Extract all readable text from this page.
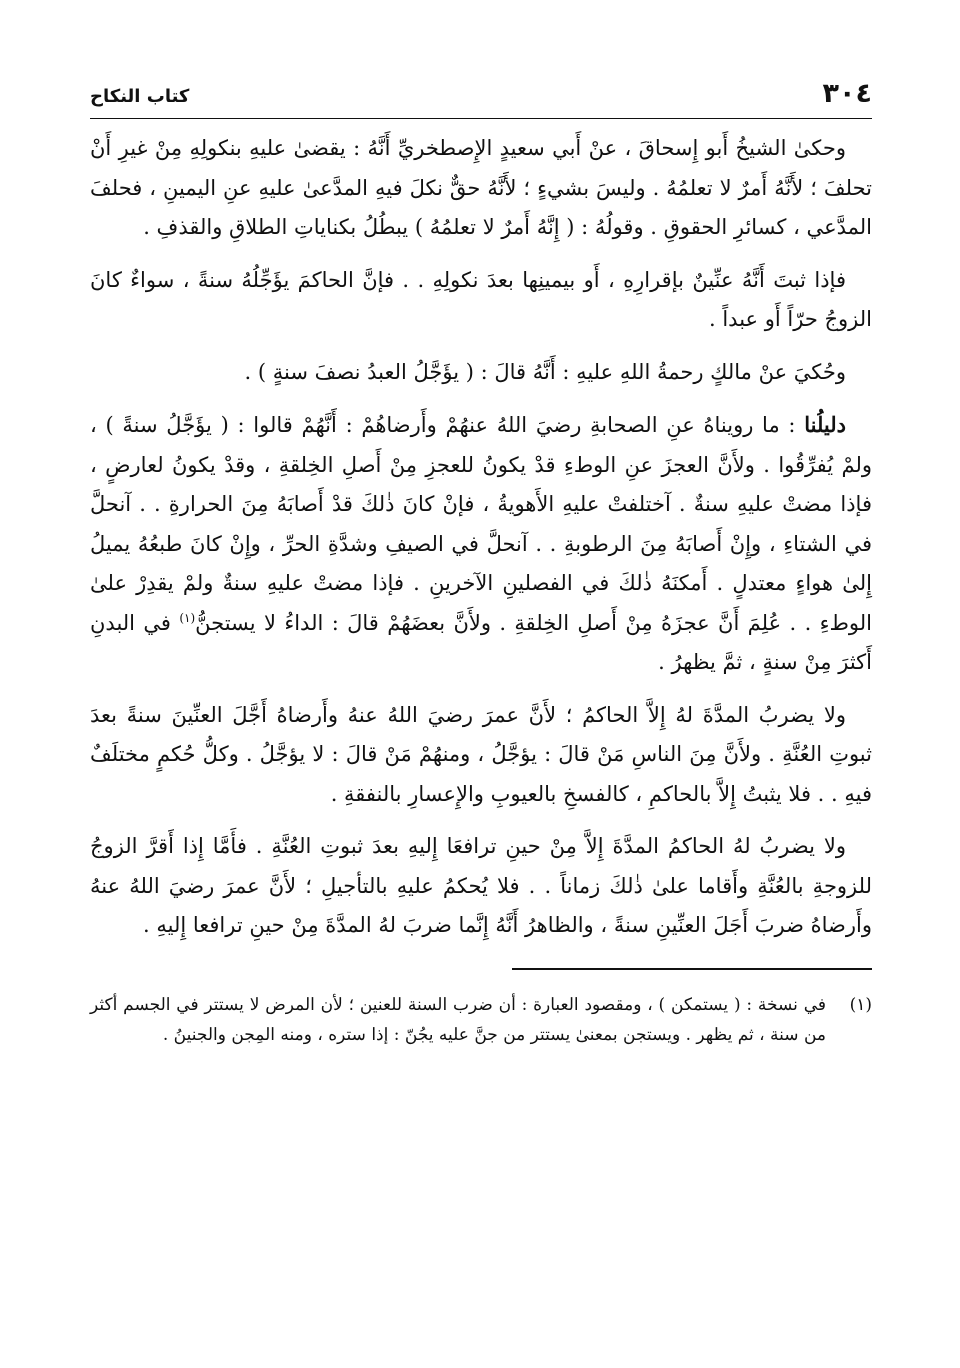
٣٠٤
كتاب النكاح

وحكىٰ الشيخُ أَبو إِسحاقَ ، عنْ أَبي سعيدٍ الإِصطخريِّ أَنَّهُ : يقضىٰ عليهِ بنكولِهِ مِنْ غيرِ أَنْ تحلفَ ؛ لأَنَّهُ أَمرٌ لا تعلمُهُ . وليسَ بشيءٍ ؛ لأَنَّهُ حقٌّ نكلَ فيهِ المدَّعىٰ عليهِ عنِ اليمينِ ، فحلفَ المدَّعي ، كسائرِ الحقوقِ . وقولُهُ : ( إِنَّهُ أَمرٌ لا تعلمُهُ ) يبطُلُ بكناياتِ الطلاقِ والقذفِ .

فإذا ثبتَ أَنَّهُ عنِّينٌ بإقرارِهِ ، أَو بيمينِها بعدَ نكولِهِ . . فإنَّ الحاكمَ يؤَجِّلُهُ سنةً ، سواءٌ كانَ الزوجُ حرّاً أَو عبداً .

وحُكيَ عنْ مالكٍ رحمةُ اللهِ عليهِ : أَنَّهُ قالَ : ( يؤَجَّلُ العبدُ نصفَ سنةٍ ) .

دليلُنا : ما رويناهُ عنِ الصحابةِ رضيَ اللهُ عنهُمْ وأَرضاهُمْ : أَنَّهُمْ قالوا : ( يؤَجَّلُ سنةً ) ، ولمْ يُفرِّقُوا . ولأَنَّ العجزَ عنِ الوطءِ قدْ يكونُ للعجزِ مِنْ أَصلِ الخِلقةِ ، وقدْ يكونُ لعارضٍ ، فإذا مضتْ عليهِ سنةٌ . آختلفتْ عليهِ الأَهويةُ ، فإنْ كانَ ذٰلكَ قدْ أَصابَهُ مِنَ الحرارةِ . . آنحلَّ في الشتاءِ ، وإِنْ أَصابَهُ مِنَ الرطوبةِ . . آنحلَّ في الصيفِ وشدَّةِ الحرِّ ، وإِنْ كانَ طبعُهُ يميلُ إِلىٰ هواءٍ معتدلٍ . أَمكنَهُ ذٰلكَ في الفصلينِ الآخرينِ . فإذا مضتْ عليهِ سنةٌ ولمْ يقدِرْ علىٰ الوطءِ . . عُلِمَ أَنَّ عجزَهُ مِنْ أَصلِ الخِلقةِ . ولأَنَّ بعضَهُمْ قالَ : الداءُ لا يستجنُّ$^{(١)}$ في البدنِ أَكثرَ مِنْ سنةٍ ، ثمَّ يظهرُ .

ولا يضربُ المدَّةَ لهُ إِلاَّ الحاكمُ ؛ لأَنَّ عمرَ رضيَ اللهُ عنهُ وأَرضاهُ أَجَّلَ العنِّينَ سنةً بعدَ ثبوتِ العُنَّةِ . ولأَنَّ مِنَ الناسِ مَنْ قالَ : يؤجَّلُ ، ومنهُمْ مَنْ قالَ : لا يؤجَّلُ . وكلُّ حُكمٍ مختلَفٌ فيهِ . . فلا يثبتُ إِلاَّ بالحاكمِ ، كالفسخِ بالعيوبِ والإِعسارِ بالنفقةِ .

ولا يضربُ لهُ الحاكمُ المدَّةَ إِلاَّ مِنْ حينِ ترافعَا إِليهِ بعدَ ثبوتِ العُنَّةِ . فأَمَّا إِذا أَقرَّ الزوجُ للزوجةِ بالعُنَّةِ وأَقاما علىٰ ذٰلكَ زماناً . . فلا يُحكمُ عليهِ بالتأجيلِ ؛ لأَنَّ عمرَ رضيَ اللهُ عنهُ وأَرضاهُ ضربَ أَجَلَ العنِّينِ سنةً ، والظاهرُ أَنَّهُ إِنَّما ضربَ لهُ المدَّةَ مِنْ حينِ ترافعا إِليهِ .

(١)
في نسخة : ( يستمكن ) ، ومقصود العبارة : أن ضرب السنة للعنين ؛ لأن المرض لا يستتر في الجسم أكثر من سنة ، ثم يظهر . ويستجن بمعنىٰ يستتر من جنَّ عليه يجُنّ : إذا ستره ، ومنه المِجن والجنينُ .
